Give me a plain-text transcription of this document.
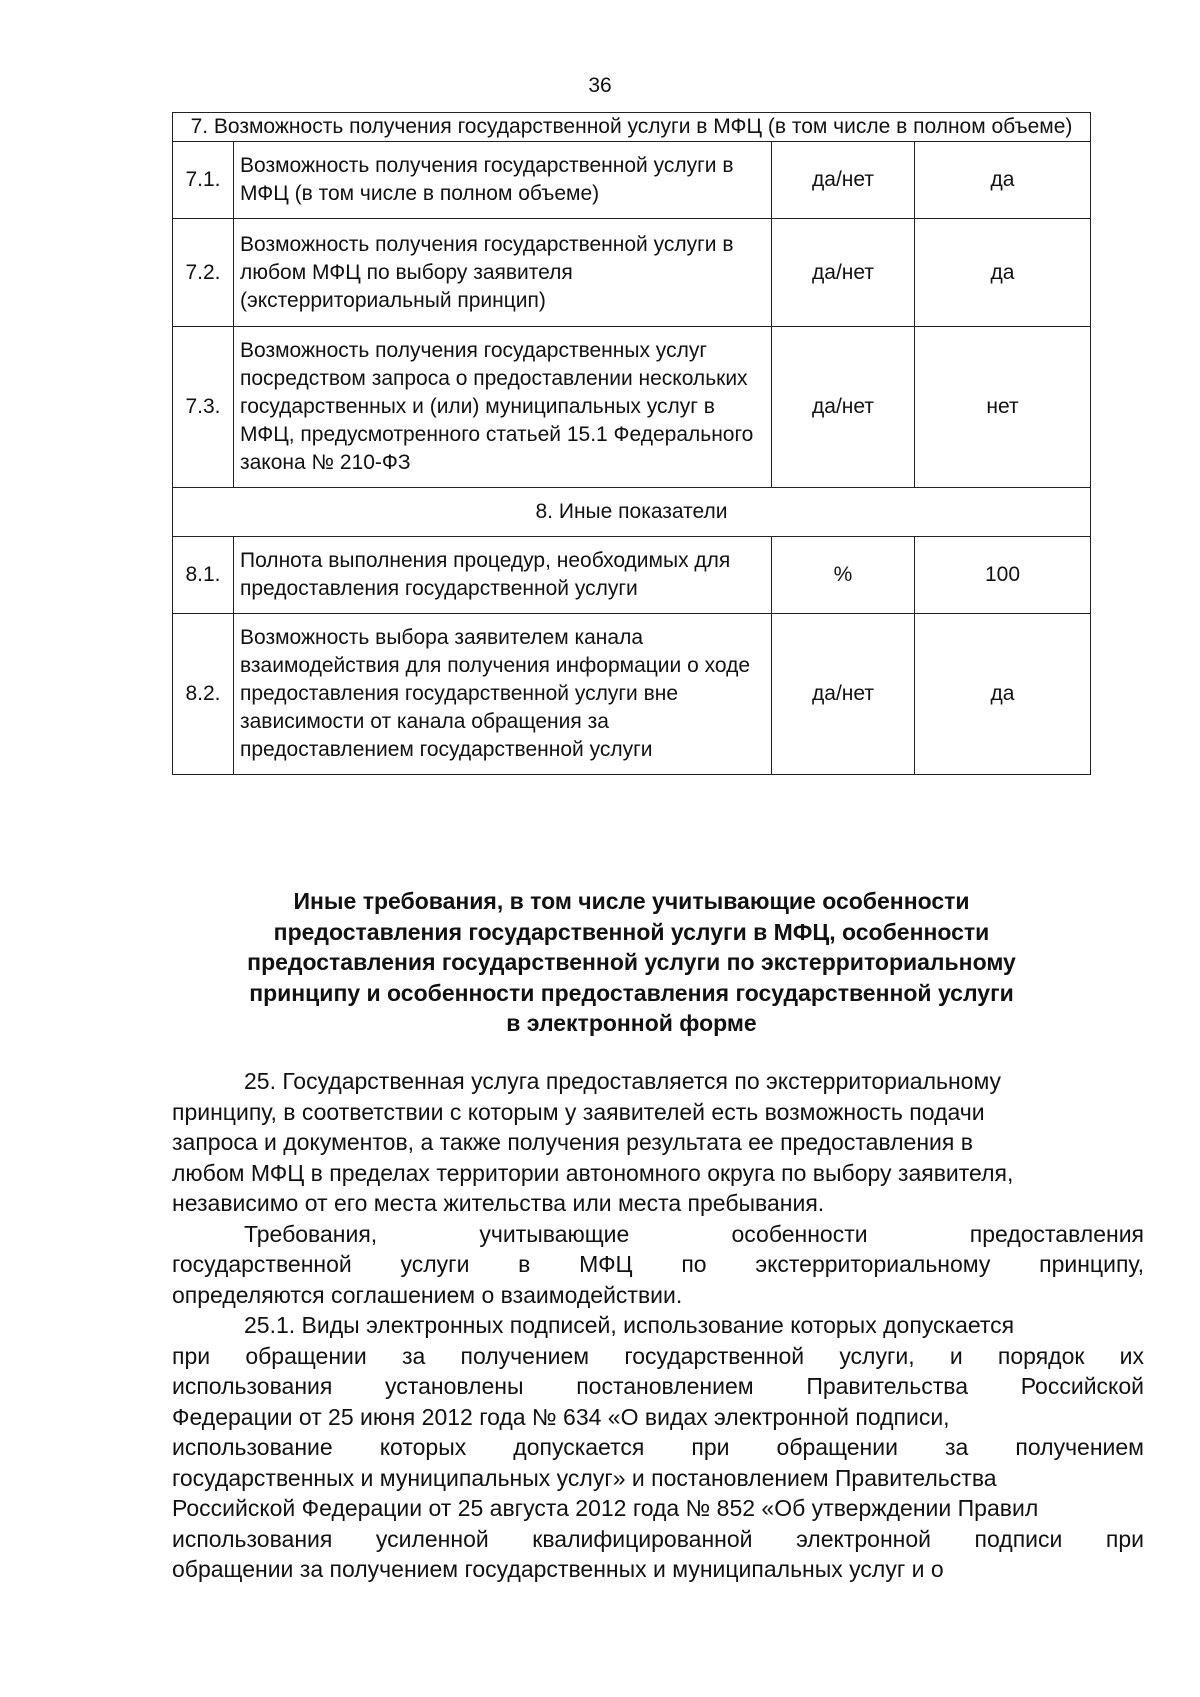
36
7. Возможность получения государственной услуги в МФЦ (в том числе в полном объеме)			
7.1.	Возможность получения государственной услуги в МФЦ (в том числе в полном объеме)	да/нет	да
7.2.	Возможность получения государственной услуги в любом МФЦ по выбору заявителя (экстерриториальный принцип)	да/нет	да
7.3.	Возможность получения государственных услуг посредством запроса о предоставлении нескольких государственных и (или) муниципальных услуг в МФЦ, предусмотренного статьей 15.1 Федерального закона № 210-ФЗ	да/нет	нет
8. Иные показатели			
8.1.	Полнота выполнения процедур, необходимых для предоставления государственной услуги	%	100
8.2.	Возможность выбора заявителем канала взаимодействия для получения информации о ходе предоставления государственной услуги вне зависимости от канала обращения за предоставлением государственной услуги	да/нет	да
Иные требования, в том числе учитывающие особенности
предоставления государственной услуги в МФЦ, особенности
предоставления государственной услуги по экстерриториальному
принципу и особенности предоставления государственной услуги
в электронной форме
25. Государственная услуга предоставляется по экстерриториальному
принципу, в соответствии с которым у заявителей есть возможность подачи
запроса и документов, а также получения результата ее предоставления в
любом МФЦ в пределах территории автономного округа по выбору заявителя,
независимо от его места жительства или места пребывания.
Требования, учитывающие особенности предоставления
государственной услуги в МФЦ по экстерриториальному принципу,
определяются соглашением о взаимодействии.
25.1. Виды электронных подписей, использование которых допускается
при обращении за получением государственной услуги, и порядок их
использования установлены постановлением Правительства Российской
Федерации от 25 июня 2012 года № 634 «О видах электронной подписи,
использование которых допускается при обращении за получением
государственных и муниципальных услуг» и постановлением Правительства
Российской Федерации от 25 августа 2012 года № 852 «Об утверждении Правил
использования усиленной квалифицированной электронной подписи при
обращении за получением государственных и муниципальных услуг и о
